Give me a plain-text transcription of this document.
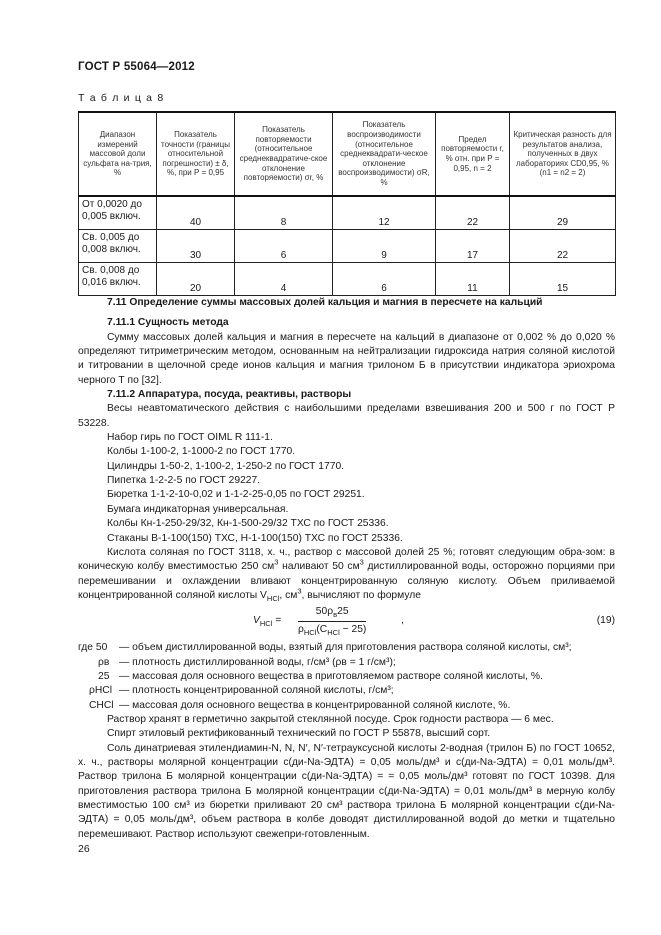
ГОСТ Р 55064—2012
Т а б л и ц а 8
Диапазон измерений массовой доли сульфата на-трия, %	Показатель точности (границы относительной погрешности) ± δ, %, при Р = 0,95	Показатель повторяемости (относительное среднеквадратиче-ское отклонение повторяемости) σr, %	Показатель воспроизводимости (относительное среднеквадрати-ческое отклонение воспроизводимости) σR, %	Предел повторяемости r, % отн. при Р = 0,95, n = 2	Критическая разность для результатов анализа, полученных в двух лабораториях CD0,95, % (n1 = n2 = 2)
От 0,0020 до 0,005 включ.	40	8	12	22	29
Св. 0,005 до 0,008 включ.	30	6	9	17	22
Св. 0,008 до 0,016 включ.	20	4	6	11	15

7.11 Определение суммы массовых долей кальция и магния в пересчете на кальций

7.11.1 Сущность метода

Сумму массовых долей кальция и магния в пересчете на кальций в диапазоне от 0,002 % до 0,020 % определяют титриметрическим методом, основанным на нейтрализации гидроксида натрия соляной кислотой и титровании в щелочной среде ионов кальция и магния трилоном Б в присутствии индикатора эриохрома черного Т по [32].

7.11.2 Аппаратура, посуда, реактивы, растворы

Весы неавтоматического действия с наибольшими пределами взвешивания 200 и 500 г по ГОСТ Р 53228.

Набор гирь по ГОСТ OIML R 111-1.

Колбы 1-100-2, 1-1000-2 по ГОСТ 1770.

Цилиндры 1-50-2, 1-100-2, 1-250-2 по ГОСТ 1770.

Пипетка 1-2-2-5 по ГОСТ 29227.

Бюретка 1-1-2-10-0,02 и 1-1-2-25-0,05 по ГОСТ 29251.

Бумага индикаторная универсальная.

Колбы Кн-1-250-29/32, Кн-1-500-29/32 ТХС по ГОСТ 25336.

Стаканы В-1-100(150) ТХС, Н-1-100(150) ТХС по ГОСТ 25336.

Кислота соляная по ГОСТ 3118, х. ч., раствор с массовой долей 25 %; готовят следующим обра-зом: в коническую колбу вместимостью 250 $см^3$ наливают 50 $см^3$ дистиллированной воды, осторожно порциями при перемешивании и охлаждении вливают концентрированную соляную кислоту. Объем приливаемой концентрированной соляной кислоты $V_{HCl}$, $см^3$, вычисляют по формуле

$V_{HCl}$ =
$50\rho_в25$
$\rho_{HCl}(C_{HCl} - 25)$
,	(19)
где 50 — объем дистиллированной воды, взятый для приготовления раствора соляной кислоты, см³;
ρв — плотность дистиллированной воды, г/см³ (ρв = 1 г/см³);
25 — массовая доля основного вещества в приготовляемом растворе соляной кислоты, %.
ρHCl — плотность концентрированной соляной кислоты, г/см³;
CHCl — массовая доля основного вещества в концентрированной соляной кислоте, %.

Раствор хранят в герметично закрытой стеклянной посуде. Срок годности раствора — 6 мес.

Спирт этиловый ректификованный технический по ГОСТ Р 55878, высший сорт.

Соль динатриевая этилендиамин-N, N, N′, N′-тетрауксусной кислоты 2-водная (трилон Б) по ГОСТ 10652, х. ч., растворы молярной концентрации c(ди-Na-ЭДТА) = 0,05 моль/дм³ и c(ди-Na-ЭДТА) = 0,01 моль/дм³. Раствор трилона Б молярной концентрации c(ди-Na-ЭДТА) = = 0,05 моль/дм³ готовят по ГОСТ 10398. Для приготовления раствора трилона Б молярной концентрации c(ди-Na-ЭДТА) = 0,01 моль/дм³ в мерную колбу вместимостью 100 см³ из бюретки приливают 20 см³ раствора трилона Б молярной концентрации c(ди-Na-ЭДТА) = 0,05 моль/дм³, объем раствора в колбе доводят дистиллированной водой до метки и тщательно перемешивают. Раствор используют свежепри-готовленным.

26
